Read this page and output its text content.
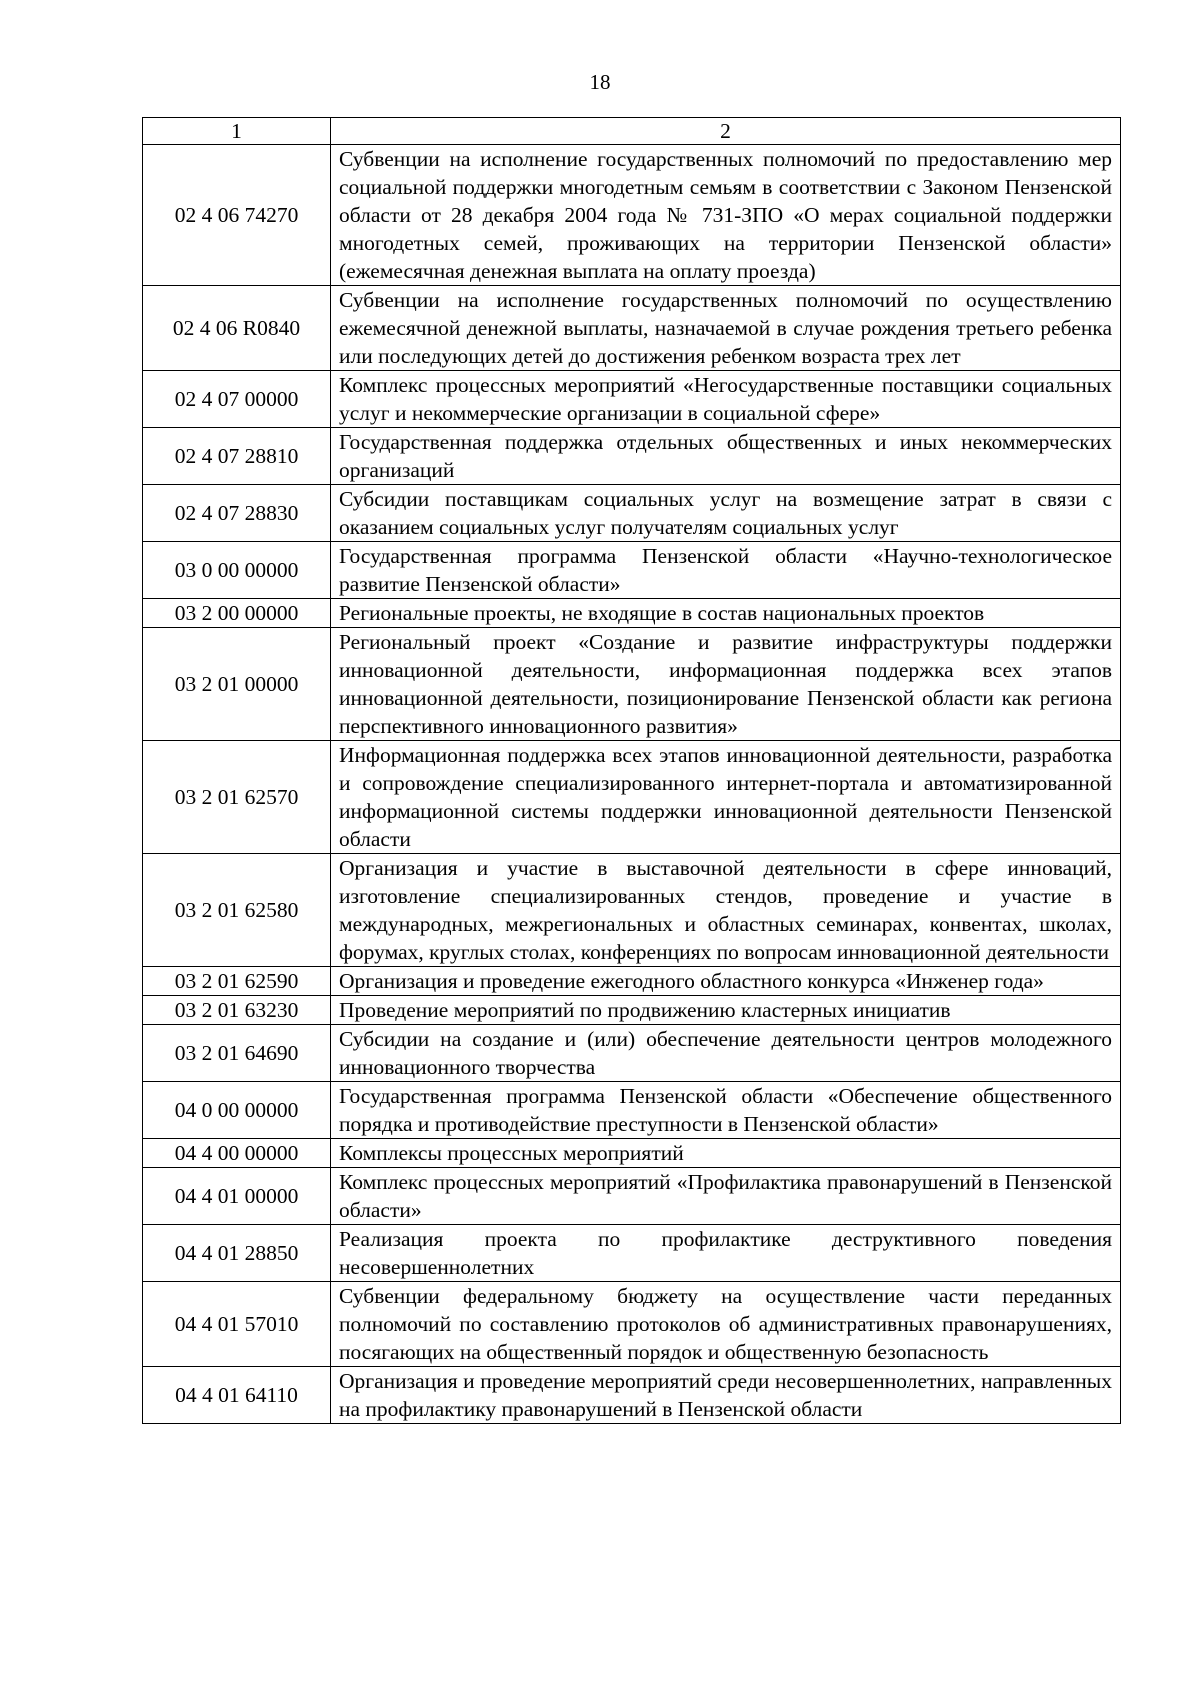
18
1	2
02 4 06 74270	Субвенции на исполнение государственных полномочий по предоставлению мер социальной поддержки многодетным семьям в соответствии с Законом Пензенской области от 28 декабря 2004 года № 731-ЗПО «О мерах социальной поддержки многодетных семей, проживающих на территории Пензенской области» (ежемесячная денежная выплата на оплату проезда)
02 4 06 R0840	Субвенции на исполнение государственных полномочий по осуществлению ежемесячной денежной выплаты, назначаемой в случае рождения третьего ребенка или последующих детей до достижения ребенком возраста трех лет
02 4 07 00000	Комплекс процессных мероприятий «Негосударственные поставщики социальных услуг и некоммерческие организации в социальной сфере»
02 4 07 28810	Государственная поддержка отдельных общественных и иных некоммерческих организаций
02 4 07 28830	Субсидии поставщикам социальных услуг на возмещение затрат в связи с оказанием социальных услуг получателям социальных услуг
03 0 00 00000	Государственная программа Пензенской области «Научно-технологическое развитие Пензенской области»
03 2 00 00000	Региональные проекты, не входящие в состав национальных проектов
03 2 01 00000	Региональный проект «Создание и развитие инфраструктуры поддержки инновационной деятельности, информационная поддержка всех этапов инновационной деятельности, позиционирование Пензенской области как региона перспективного инновационного развития»
03 2 01 62570	Информационная поддержка всех этапов инновационной деятельности, разработка и сопровождение специализированного интернет-портала и автоматизированной информационной системы поддержки инновационной деятельности Пензенской области
03 2 01 62580	Организация и участие в выставочной деятельности в сфере инноваций, изготовление специализированных стендов, проведение и участие в международных, межрегиональных и областных семинарах, конвентах, школах, форумах, круглых столах, конференциях по вопросам инновационной деятельности
03 2 01 62590	Организация и проведение ежегодного областного конкурса «Инженер года»
03 2 01 63230	Проведение мероприятий по продвижению кластерных инициатив
03 2 01 64690	Субсидии на создание и (или) обеспечение деятельности центров молодежного инновационного творчества
04 0 00 00000	Государственная программа Пензенской области «Обеспечение общественного порядка и противодействие преступности в Пензенской области»
04 4 00 00000	Комплексы процессных мероприятий
04 4 01 00000	Комплекс процессных мероприятий «Профилактика правонарушений в Пензенской области»
04 4 01 28850	Реализация проекта по профилактике деструктивного поведения несовершеннолетних
04 4 01 57010	Субвенции федеральному бюджету на осуществление части переданных полномочий по составлению протоколов об административных правонарушениях, посягающих на общественный порядок и общественную безопасность
04 4 01 64110	Организация и проведение мероприятий среди несовершеннолетних, направленных на профилактику правонарушений в Пензенской области
